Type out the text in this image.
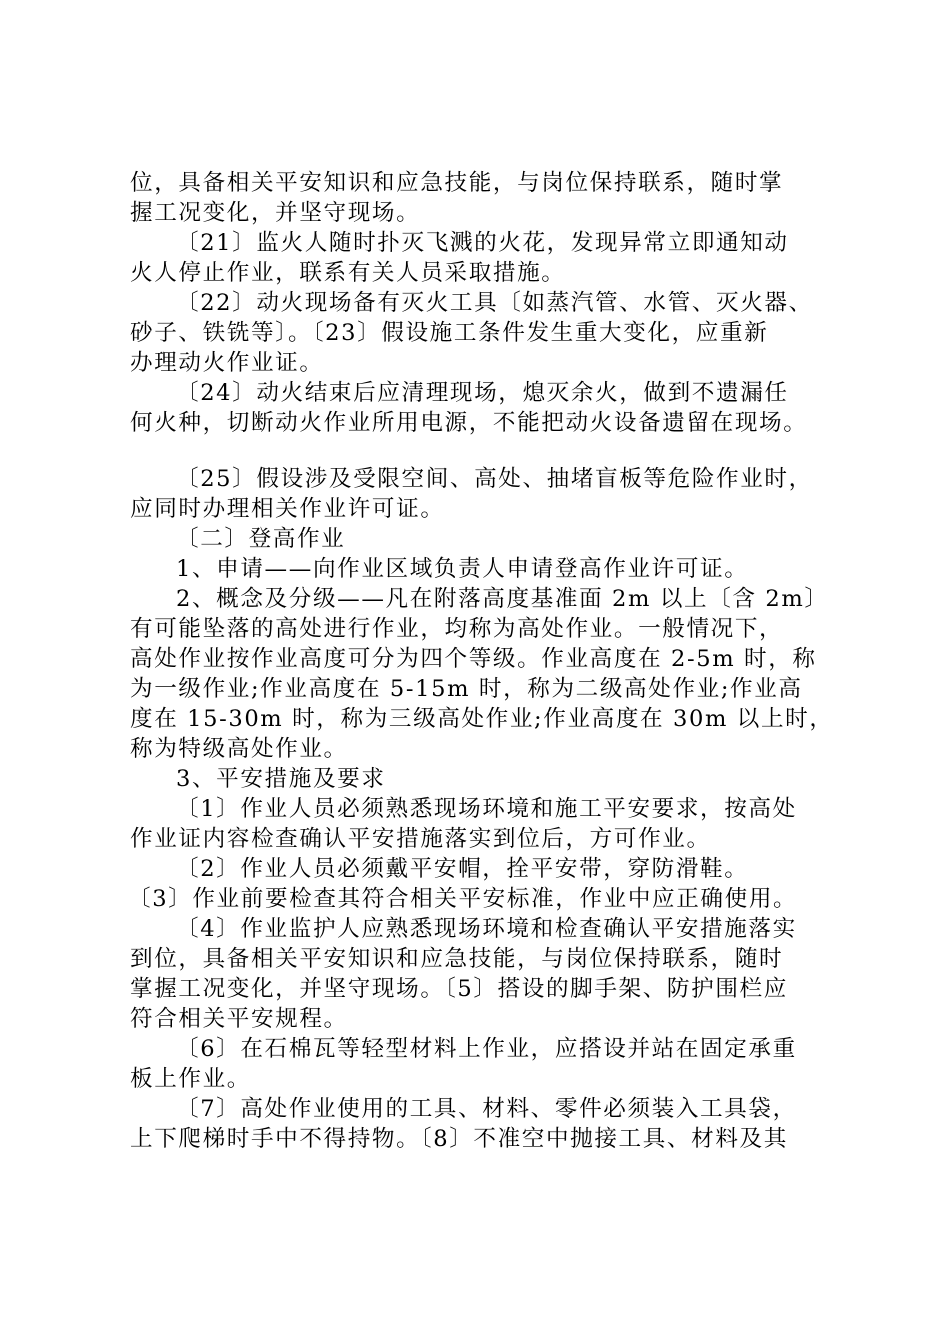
位，具备相关平安知识和应急技能，与岗位保持联系，随时掌
握工况变化，并坚守现场。
〔21〕监火人随时扑灭飞溅的火花，发现异常立即通知动
火人停止作业，联系有关人员采取措施。
〔22〕动火现场备有灭火工具〔如蒸汽管、水管、灭火器、
砂子、铁铣等〕。〔23〕假设施工条件发生重大变化，应重新
办理动火作业证。
〔24〕动火结束后应清理现场，熄灭余火，做到不遗漏任
何火种，切断动火作业所用电源，不能把动火设备遗留在现场。
〔25〕假设涉及受限空间、高处、抽堵盲板等危险作业时，
应同时办理相关作业许可证。
〔二〕登高作业
1、申请——向作业区域负责人申请登高作业许可证。
2、概念及分级——凡在附落高度基准面 2m 以上〔含 2m〕
有可能坠落的高处进行作业，均称为高处作业。一般情况下，
高处作业按作业高度可分为四个等级。作业高度在 2-5m 时，称
为一级作业;作业高度在 5-15m 时，称为二级高处作业;作业高
度在 15-30m 时，称为三级高处作业;作业高度在 30m 以上时，
称为特级高处作业。
3、平安措施及要求
〔1〕作业人员必须熟悉现场环境和施工平安要求，按高处
作业证内容检查确认平安措施落实到位后，方可作业。
〔2〕作业人员必须戴平安帽，拴平安带，穿防滑鞋。
〔3〕作业前要检查其符合相关平安标准，作业中应正确使用。
〔4〕作业监护人应熟悉现场环境和检查确认平安措施落实
到位，具备相关平安知识和应急技能，与岗位保持联系，随时
掌握工况变化，并坚守现场。〔5〕搭设的脚手架、防护围栏应
符合相关平安规程。
〔6〕在石棉瓦等轻型材料上作业，应搭设并站在固定承重
板上作业。
〔7〕高处作业使用的工具、材料、零件必须装入工具袋，
上下爬梯时手中不得持物。〔8〕不准空中抛接工具、材料及其
